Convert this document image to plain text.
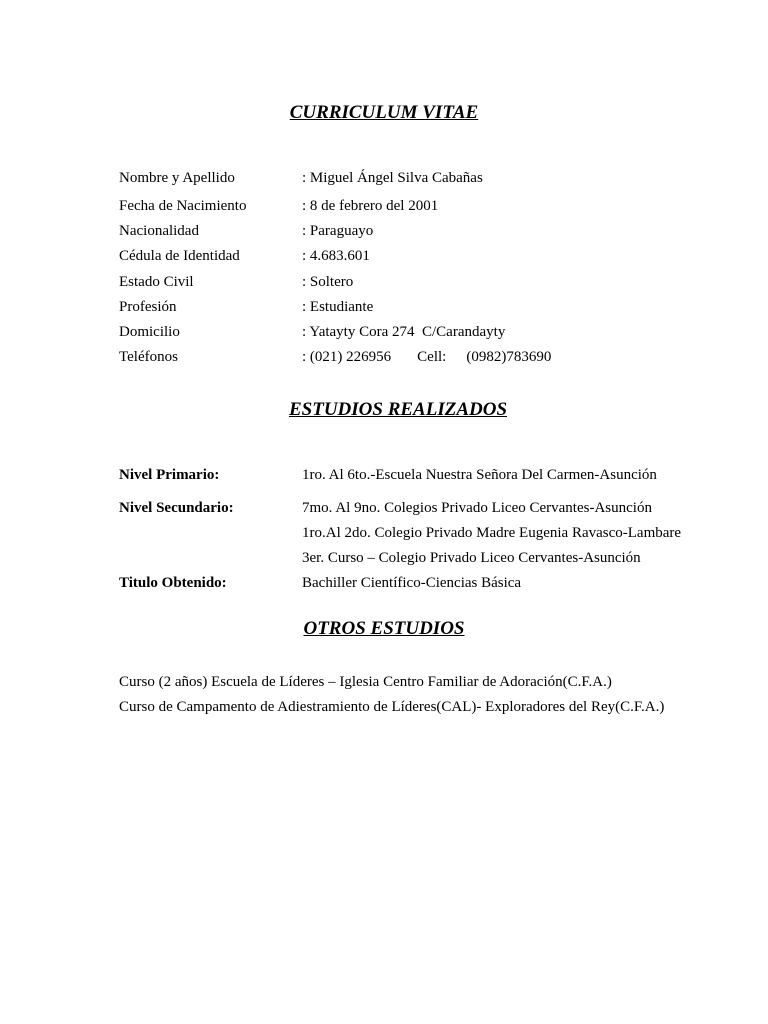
CURRICULUM VITAE
Nombre y Apellido	: Miguel Ángel Silva Cabañas
Fecha de Nacimiento	: 8 de febrero del 2001
Nacionalidad	: Paraguayo
Cédula de Identidad	: 4.683.601
Estado Civil	: Soltero
Profesión	: Estudiante
Domicilio	: Yatayty Cora 274  C/Carandayty
Teléfonos	: (021) 226956 Cell: (0982)783690
ESTUDIOS REALIZADOS
Nivel Primario:	1ro. Al 6to.-Escuela Nuestra Señora Del Carmen-Asunción
Nivel Secundario:	7mo. Al 9no. Colegios Privado Liceo Cervantes-Asunción
1ro.Al 2do. Colegio Privado Madre Eugenia Ravasco-Lambare
3er. Curso – Colegio Privado Liceo Cervantes-Asunción
Titulo Obtenido:	Bachiller Científico-Ciencias Básica
OTROS ESTUDIOS
Curso (2 años) Escuela de Líderes – Iglesia Centro Familiar de Adoración(C.F.A.)
Curso de Campamento de Adiestramiento de Líderes(CAL)- Exploradores del Rey(C.F.A.)
